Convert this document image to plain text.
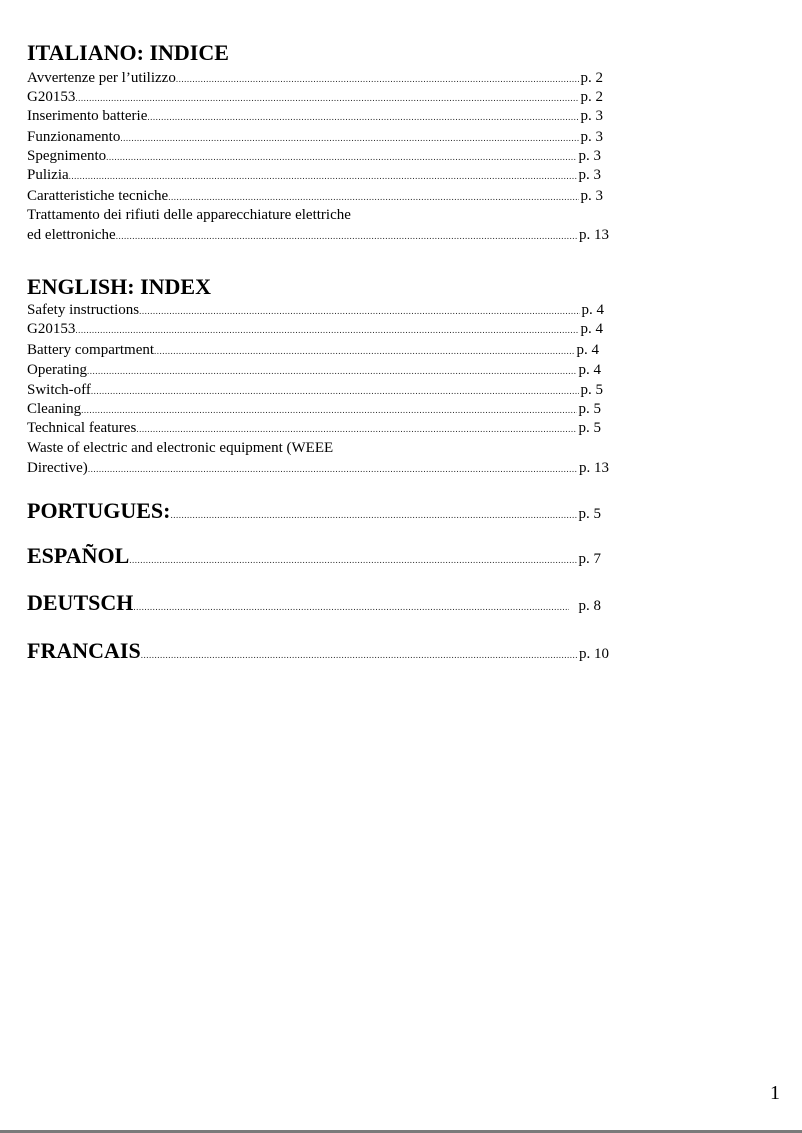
ITALIANO: INDICE
Avvertenze per l’utilizzo .....	p. 2
G20153 .....	p. 2
Inserimento batterie .....	p. 3
Funzionamento .....	p. 3
Spegnimento .....	p. 3
Pulizia .....	p. 3
Caratteristiche tecniche .....	p. 3
Trattamento dei rifiuti delle apparecchiature elettriche
ed elettroniche .....	p. 13
ENGLISH: INDEX
Safety instructions .....	p. 4
G20153 .....	p. 4
Battery compartment .....	p. 4
Operating .....	p. 4
Switch-off .....	p. 5
Cleaning .....	p. 5
Technical features .....	p. 5
Waste of electric and electronic equipment (WEEE
Directive) .....	p. 13
PORTUGUES: .....	p. 5
ESPAÑOL .....	p. 7
DEUTSCH .....	p. 8
FRANCAIS .....	p. 10
1
